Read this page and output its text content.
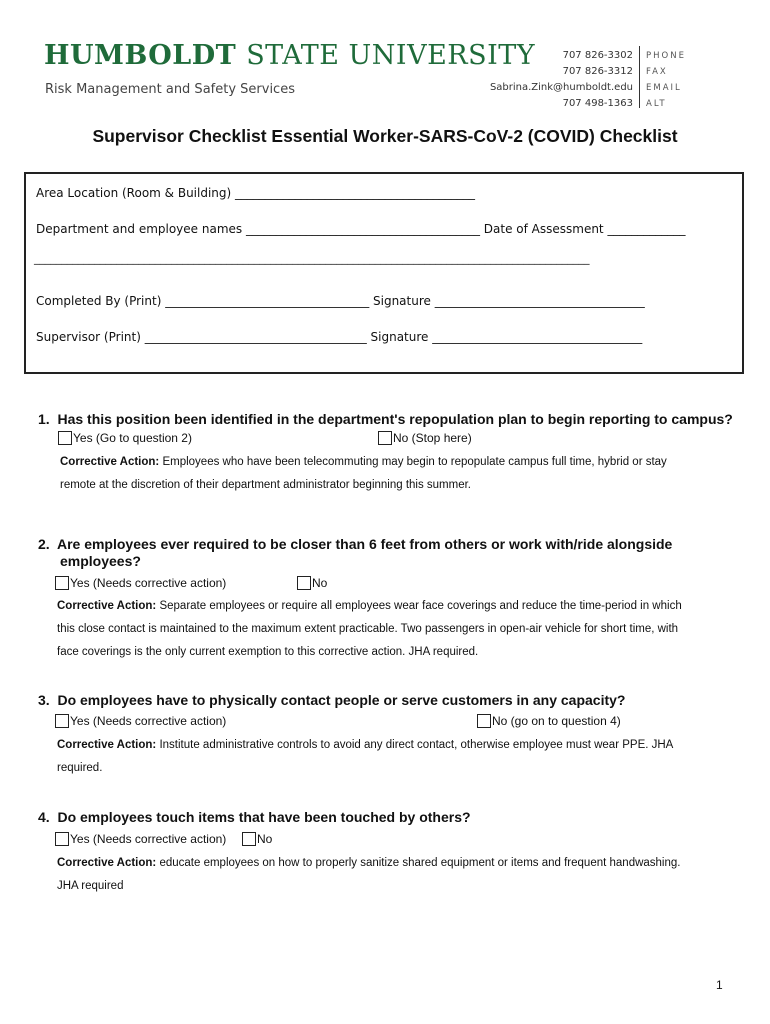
HUMBOLDT STATE UNIVERSITY
Risk Management and Safety Services
707 826-3302
707 826-3312
Sabrina.Zink@humboldt.edu
707 498-1363
PHONE
FAX
EMAIL
ALT
Supervisor Checklist Essential Worker-SARS-CoV-2 (COVID) Checklist
Area Location (Room & Building) ________________________________________
Department and employee names _______________________________________ Date of Assessment _____________
_____________________________________________________________________________________________________
Completed By (Print) __________________________________ Signature ___________________________________
Supervisor (Print) _____________________________________ Signature ___________________________________
1. Has this position been identified in the department's repopulation plan to begin reporting to campus?
Yes (Go to question 2)	No (Stop here)
Corrective Action: Employees who have been telecommuting may begin to repopulate campus full time, hybrid or stay
remote at the discretion of their department administrator beginning this summer.
2. Are employees ever required to be closer than 6 feet from others or work with/ride alongside
employees?
Yes (Needs corrective action)	No
Corrective Action: Separate employees or require all employees wear face coverings and reduce the time-period in which
this close contact is maintained to the maximum extent practicable. Two passengers in open-air vehicle for short time, with
face coverings is the only current exemption to this corrective action. JHA required.
3. Do employees have to physically contact people or serve customers in any capacity?
Yes (Needs corrective action)	No (go on to question 4)
Corrective Action: Institute administrative controls to avoid any direct contact, otherwise employee must wear PPE. JHA
required.
4. Do employees touch items that have been touched by others?
Yes (Needs corrective action)	No
Corrective Action: educate employees on how to properly sanitize shared equipment or items and frequent handwashing.
JHA required
1
